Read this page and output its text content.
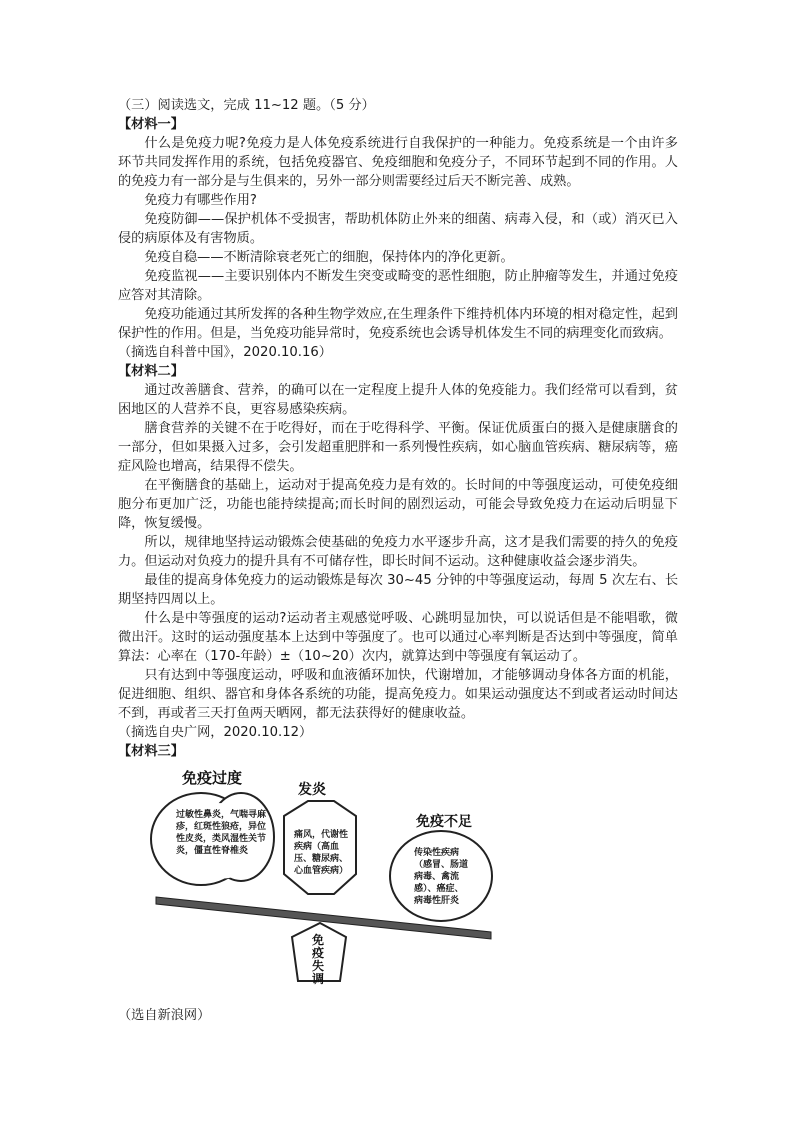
（三）阅读选文，完成 11~12 题。（5 分）
【材料一】

什么是免疫力呢?免疫力是人体免疫系统进行自我保护的一种能力。免疫系统是一个由许多环节共同发挥作用的系统，包括免疫器官、免疫细胞和免疫分子，不同环节起到不同的作用。人的免疫力有一部分是与生俱来的，另外一部分则需要经过后天不断完善、成熟。

免疫力有哪些作用?

免疫防御——保护机体不受损害，帮助机体防止外来的细菌、病毒入侵，和（或）消灭已入侵的病原体及有害物质。

免疫自稳——不断清除衰老死亡的细胞，保持体内的净化更新。

免疫监视——主要识别体内不断发生突变或畸变的恶性细胞，防止肿瘤等发生，并通过免疫应答对其清除。

免疫功能通过其所发挥的各种生物学效应,在生理条件下维持机体内环境的相对稳定性，起到保护性的作用。但是，当免疫功能异常时，免疫系统也会诱导机体发生不同的病理变化而致病。

（摘选自科普中国》，2020.10.16）

【材料二】

通过改善膳食、营养，的确可以在一定程度上提升人体的免疫能力。我们经常可以看到，贫困地区的人营养不良，更容易感染疾病。

膳食营养的关键不在于吃得好，而在于吃得科学、平衡。保证优质蛋白的摄入是健康膳食的一部分，但如果摄入过多，会引发超重肥胖和一系列慢性疾病，如心脑血管疾病、糖尿病等，癌症风险也增高，结果得不偿失。

在平衡膳食的基础上，运动对于提高免疫力是有效的。长时间的中等强度运动，可使免疫细胞分布更加广泛，功能也能持续提高;而长时间的剧烈运动，可能会导致免疫力在运动后明显下降，恢复缓慢。

所以，规律地坚持运动锻炼会使基础的免疫力水平逐步升高，这才是我们需要的持久的免疫力。但运动对负疫力的提升具有不可储存性，即长时间不运动。这种健康收益会逐步消失。

最佳的提高身体免疫力的运动锻炼是每次 30~45 分钟的中等强度运动，每周 5 次左右、长期坚持四周以上。

什么是中等强度的运动?运动者主观感觉呼吸、心跳明显加快，可以说话但是不能唱歌，微微出汗。这时的运动强度基本上达到中等强度了。也可以通过心率判断是否达到中等强度，简单算法：心率在（170-年龄）±（10~20）次内，就算达到中等强度有氧运动了。

只有达到中等强度运动，呼吸和血液循环加快，代谢增加，才能够调动身体各方面的机能，促进细胞、组织、器官和身体各系统的功能，提高免疫力。如果运动强度达不到或者运动时间达不到，再或者三天打鱼两天晒网，都无法获得好的健康收益。

（摘选自央广网，2020.10.12）

【材料三】
免疫过度
过敏性鼻炎，气喘寻麻疹，红斑性狼疮，异位性皮炎，类风湿性关节炎，僵直性脊椎炎
发炎
痛风，代谢性疾病（高血压、糖尿病、心血管疾病）
免疫不足
传染性疾病（感冒、肠道病毒、禽流感）、癌症、病毒性肝炎
免疫失调

（选自新浪网）
